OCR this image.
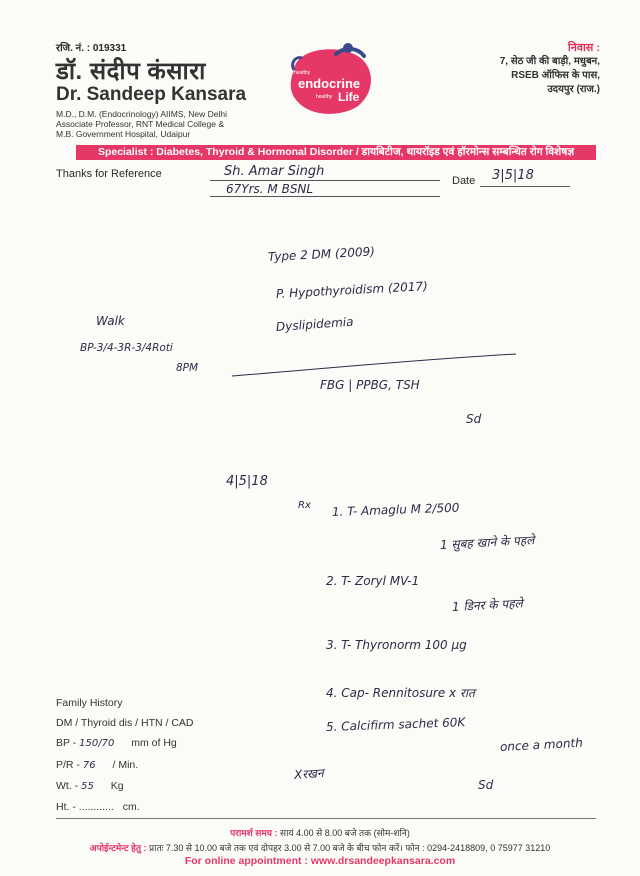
रजि. नं. : 019331
डॉ. संदीप कंसारा
Dr. Sandeep Kansara
M.D., D.M. (Endocrinology) AIIMS, New Delhi
Associate Professor, RNT Medical College &
M.B. Government Hospital, Udaipur
healthy
endocrine
healthy Life
निवास :
7, सेठ जी की बाड़ी, मधुबन,
RSEB ऑफिस के पास,
उदयपुर (राज.)
Specialist : Diabetes, Thyroid & Hormonal Disorder / डायबिटीज, थायरॉइड एवं हॉरमोन्स सम्बन्धित रोग विशेषज्ञ
Thanks for Reference	Sh. Amar Singh
67Yrs. M BSNL
Date 3|5|18
Type 2 DM (2009)
P. Hypothyroidism (2017)
Dyslipidemia
Walk
BP-3/4-3R-3/4Roti
8PM
FBG | PPBG, TSH
Sd
4|5|18
Rx 1. T- Amaglu M 2/500
1 सुबह खाने के पहले
2. T- Zoryl MV-1
1 डिनर के पहले
3. T- Thyronorm 100 µg
4. Cap- Rennitosure x रात
5. Calcifirm sachet 60K
once a month
Xरखन
Sd
Family History
DM / Thyroid dis / HTN / CAD
BP - 150/70 mm of Hg
P/R - 76 / Min.
Wt. - 55 Kg
Ht. - ............ cm.
परामर्श समय : सायं 4.00 से 8.00 बजे तक (सोम-शनि)
अपोईन्टमेन्ट हेतु : प्रातः 7.30 से 10.00 बजे तक एवं दोपहर 3.00 से 7.00 बजे के बीच फोन करें। फोन : 0294-2418809, 0 75977 31210
For online appointment : www.drsandeepkansara.com
